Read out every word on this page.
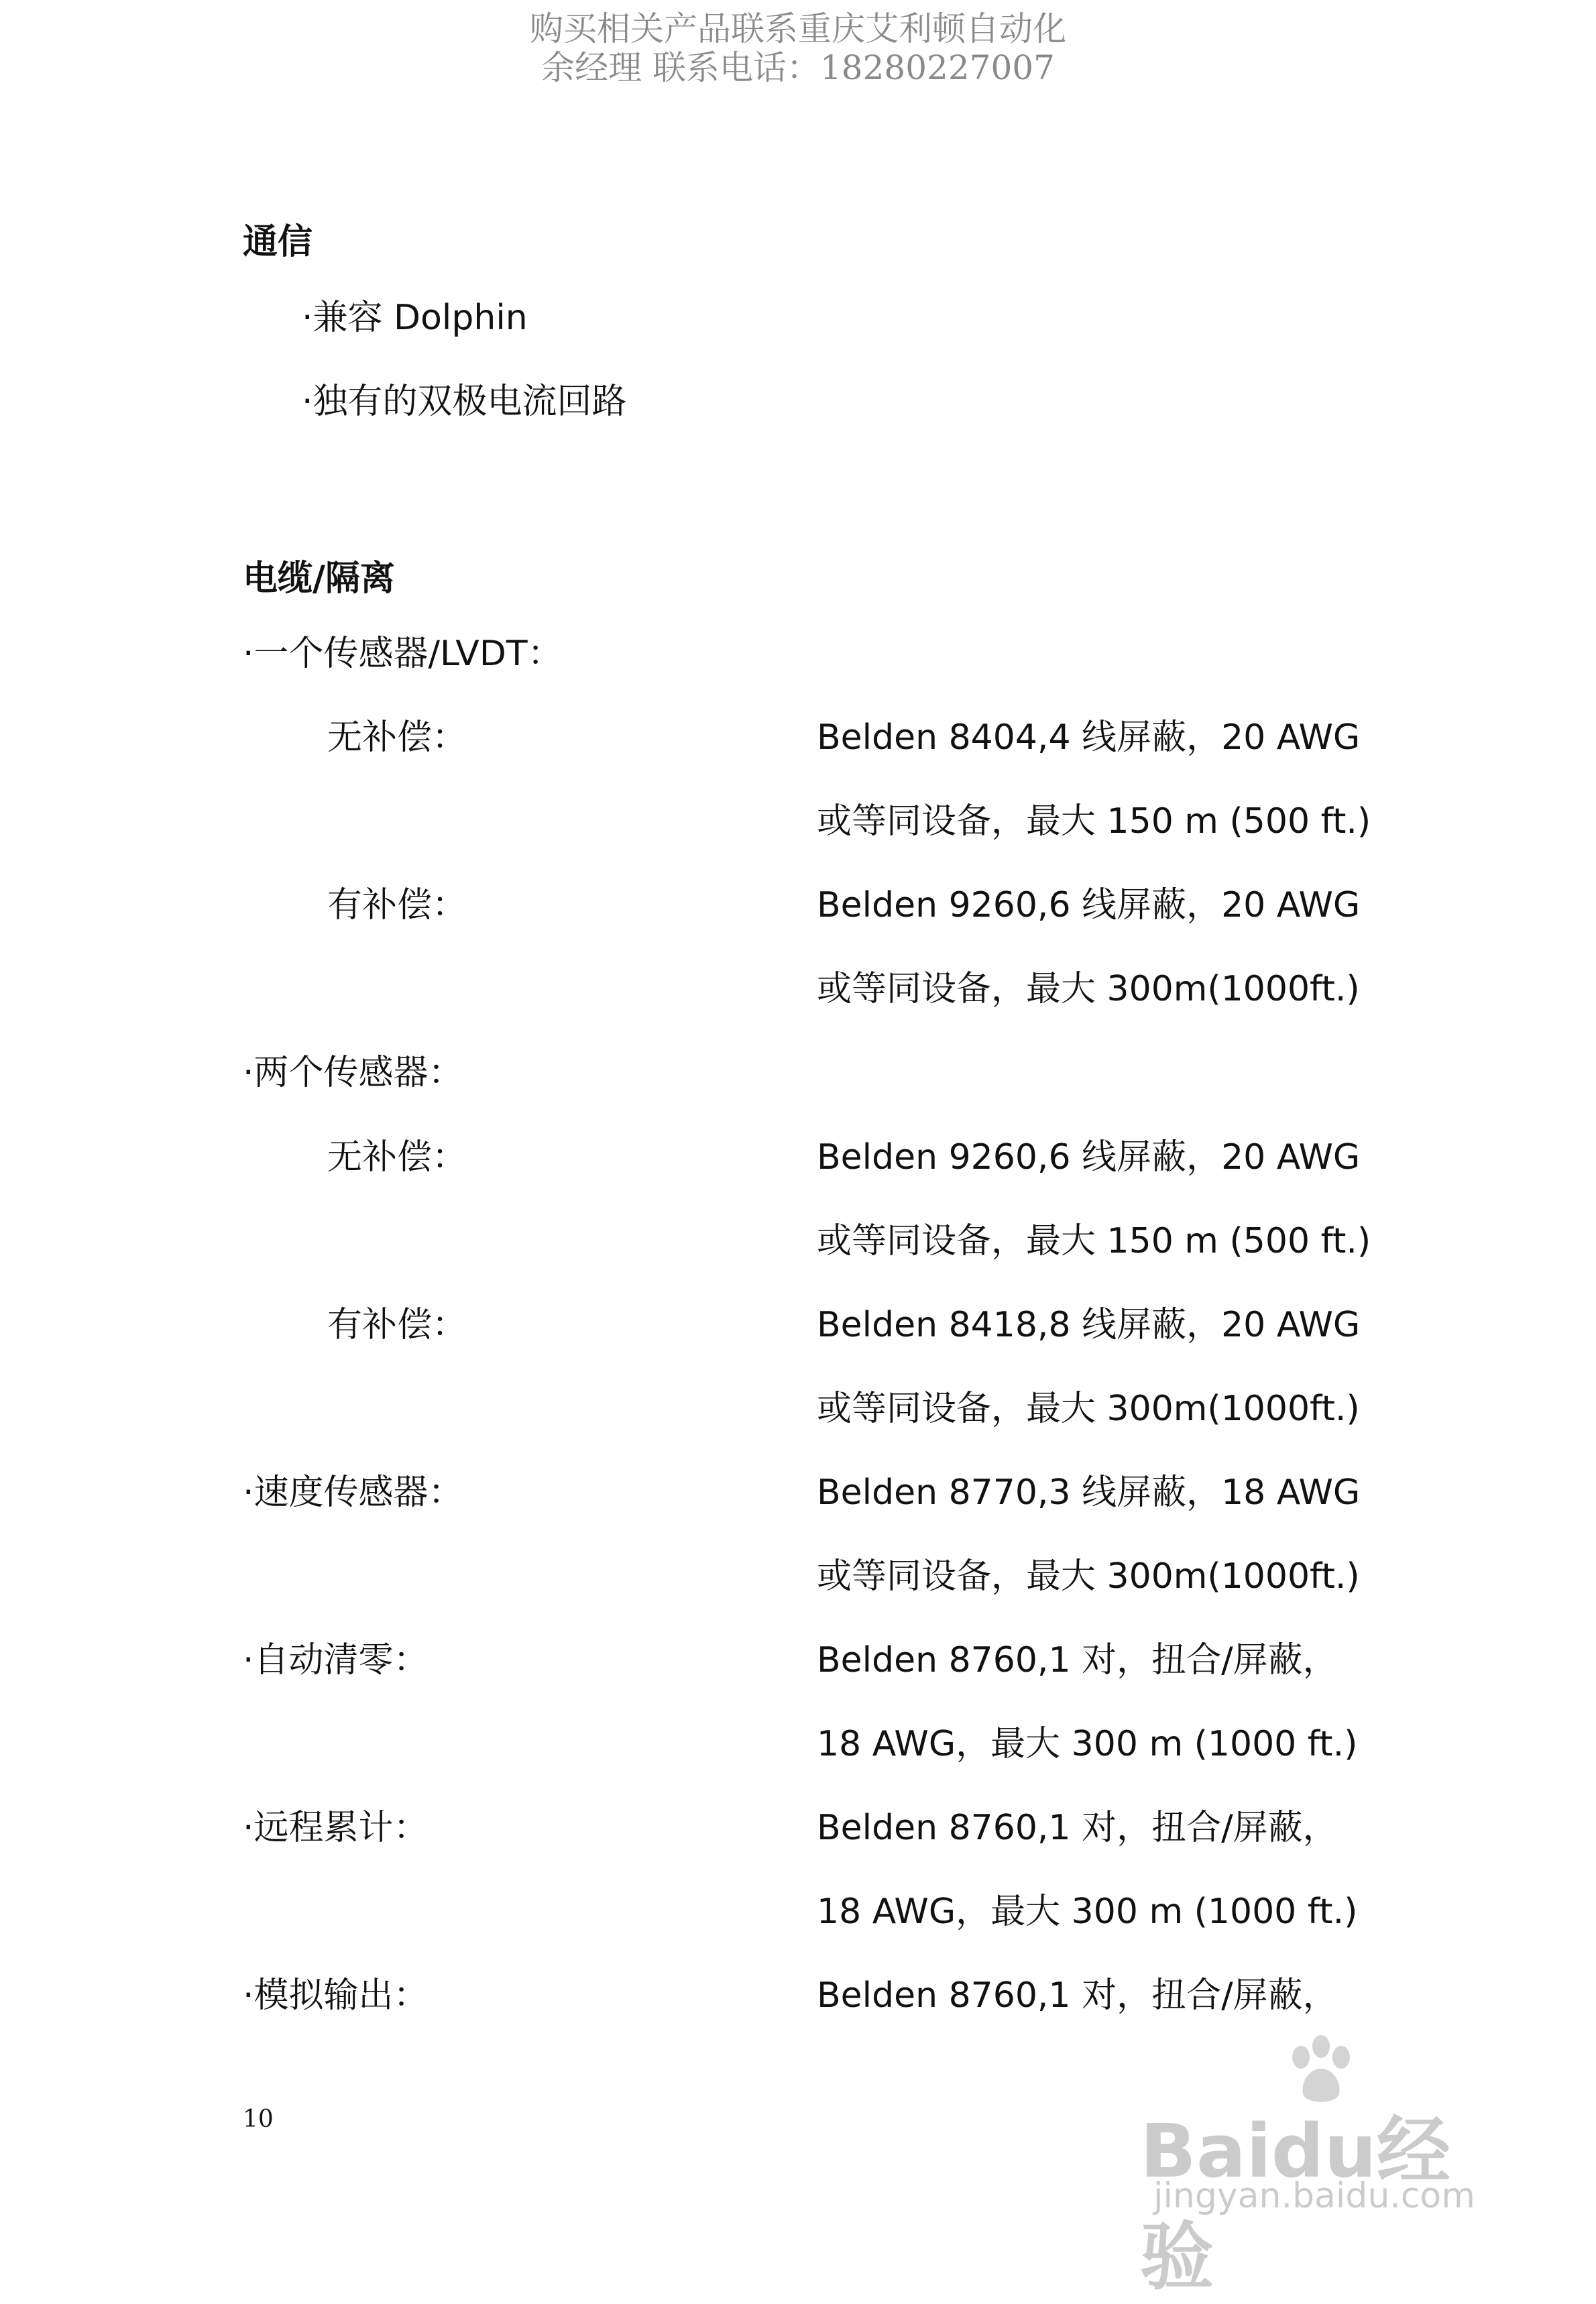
购买相关产品联系重庆艾利顿自动化
余经理 联系电话：18280227007
通信
·兼容 Dolphin
·独有的双极电流回路
电缆/隔离
·一个传感器/LVDT：
无补偿：	Belden 8404,4 线屏蔽，20 AWG
或等同设备，最大 150 m (500 ft.)
有补偿：	Belden 9260,6 线屏蔽，20 AWG
或等同设备，最大 300m(1000ft.)
·两个传感器：
无补偿：	Belden 9260,6 线屏蔽，20 AWG
或等同设备，最大 150 m (500 ft.)
有补偿：	Belden 8418,8 线屏蔽，20 AWG
或等同设备，最大 300m(1000ft.)
·速度传感器：	Belden 8770,3 线屏蔽，18 AWG
或等同设备，最大 300m(1000ft.)
·自动清零：	Belden 8760,1 对，扭合/屏蔽，
18 AWG，最大 300 m (1000 ft.)
·远程累计：	Belden 8760,1 对，扭合/屏蔽，
18 AWG，最大 300 m (1000 ft.)
·模拟输出：	Belden 8760,1 对，扭合/屏蔽，
10	Baidu经验
jingyan.baidu.com
